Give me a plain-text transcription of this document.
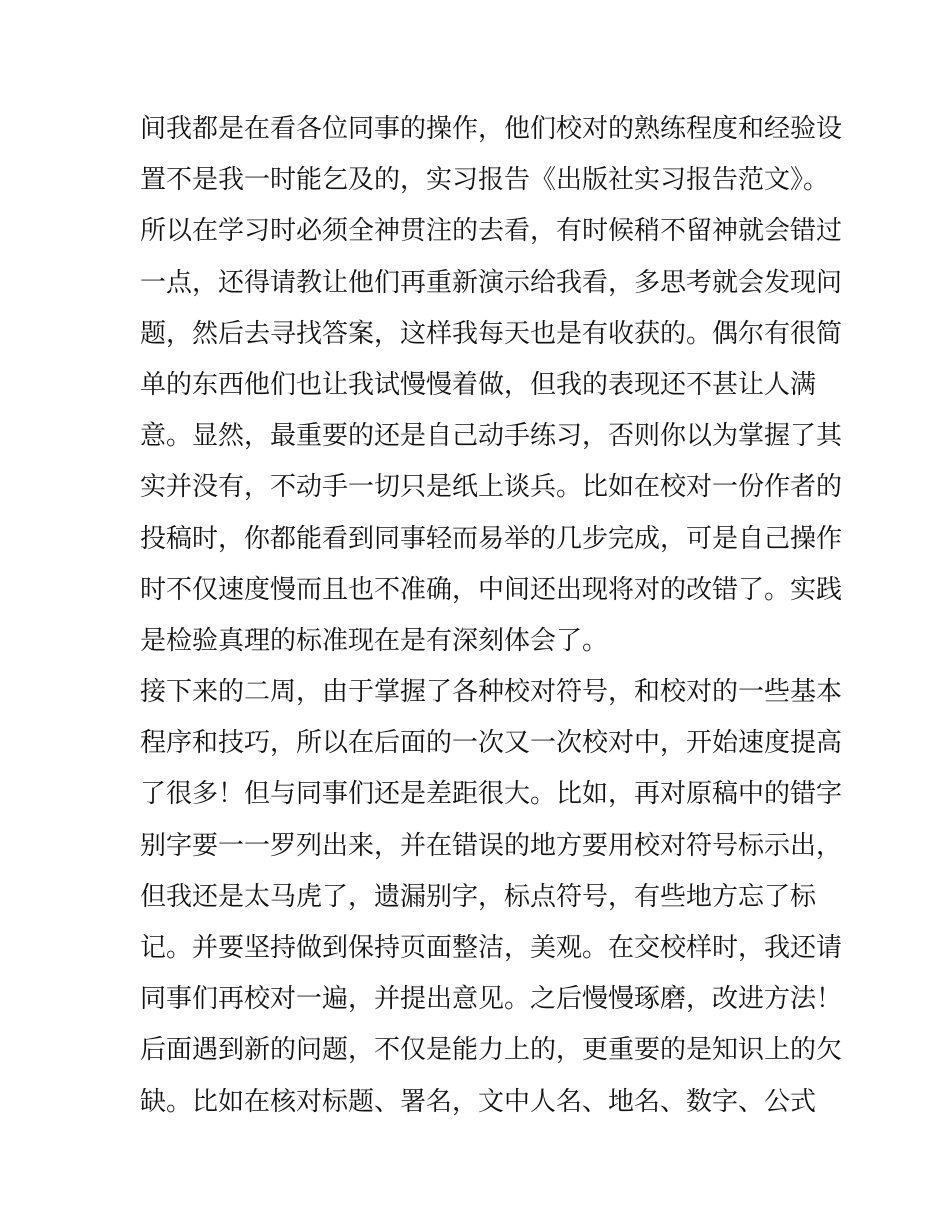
间我都是在看各位同事的操作，他们校对的熟练程度和经验设
置不是我一时能乞及的，实习报告《出版社实习报告范文》。
所以在学习时必须全神贯注的去看，有时候稍不留神就会错过
一点，还得请教让他们再重新演示给我看，多思考就会发现问
题，然后去寻找答案，这样我每天也是有收获的。偶尔有很简
单的东西他们也让我试慢慢着做，但我的表现还不甚让人满
意。显然，最重要的还是自己动手练习，否则你以为掌握了其
实并没有，不动手一切只是纸上谈兵。比如在校对一份作者的
投稿时，你都能看到同事轻而易举的几步完成，可是自己操作
时不仅速度慢而且也不准确，中间还出现将对的改错了。实践
是检验真理的标准现在是有深刻体会了。
接下来的二周，由于掌握了各种校对符号，和校对的一些基本
程序和技巧，所以在后面的一次又一次校对中，开始速度提高
了很多！但与同事们还是差距很大。比如，再对原稿中的错字
别字要一一罗列出来，并在错误的地方要用校对符号标示出，
但我还是太马虎了，遗漏别字，标点符号，有些地方忘了标
记。并要坚持做到保持页面整洁，美观。在交校样时，我还请
同事们再校对一遍，并提出意见。之后慢慢琢磨，改进方法！
后面遇到新的问题，不仅是能力上的，更重要的是知识上的欠
缺。比如在核对标题、署名，文中人名、地名、数字、公式
